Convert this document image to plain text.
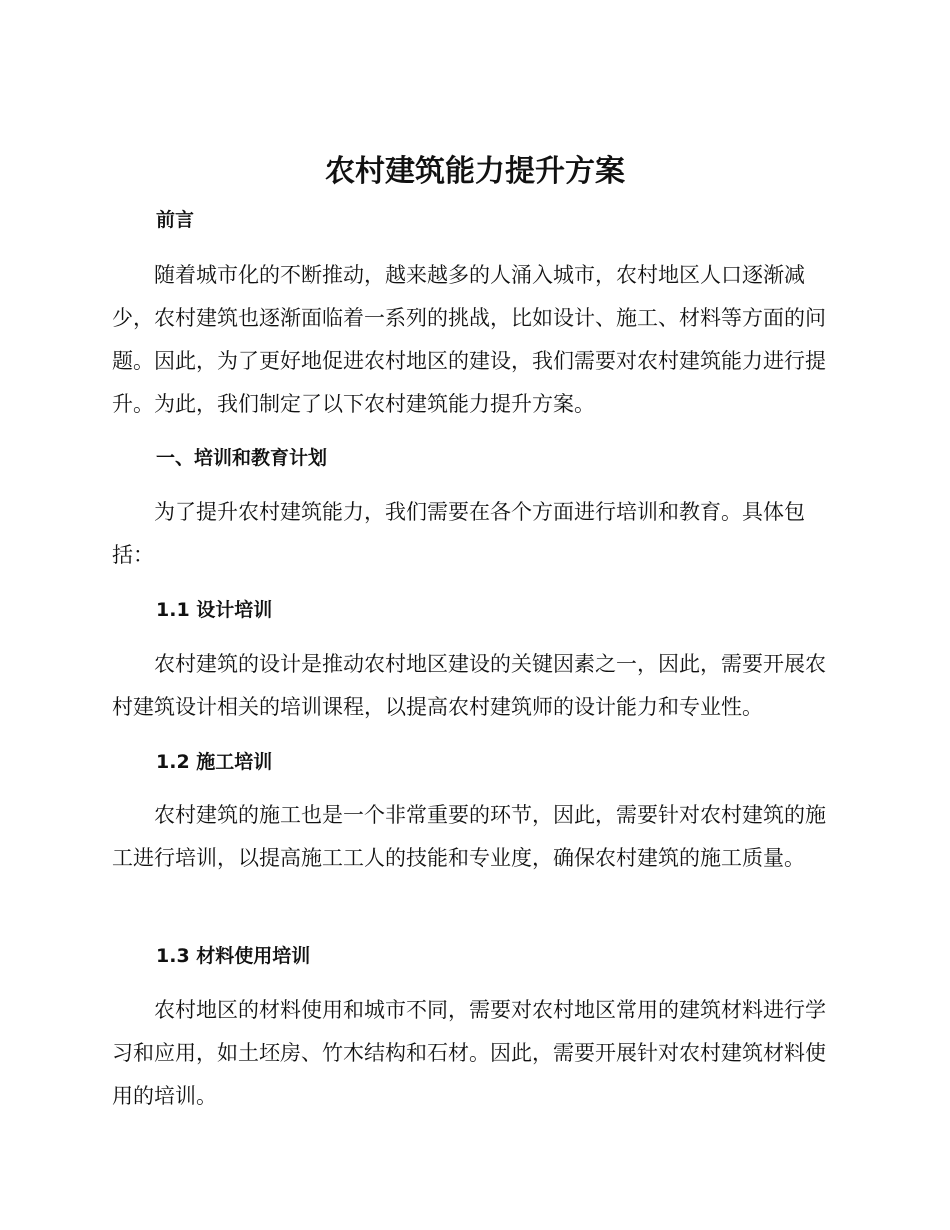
农村建筑能力提升方案
前言

随着城市化的不断推动，越来越多的人涌入城市，农村地区人口逐渐减少，农村建筑也逐渐面临着一系列的挑战，比如设计、施工、材料等方面的问题。因此，为了更好地促进农村地区的建设，我们需要对农村建筑能力进行提升。为此，我们制定了以下农村建筑能力提升方案。

一、培训和教育计划

为了提升农村建筑能力，我们需要在各个方面进行培训和教育。具体包括：

1.1 设计培训

农村建筑的设计是推动农村地区建设的关键因素之一，因此，需要开展农村建筑设计相关的培训课程，以提高农村建筑师的设计能力和专业性。

1.2 施工培训

农村建筑的施工也是一个非常重要的环节，因此，需要针对农村建筑的施工进行培训，以提高施工工人的技能和专业度，确保农村建筑的施工质量。

1.3 材料使用培训

农村地区的材料使用和城市不同，需要对农村地区常用的建筑材料进行学习和应用，如土坯房、竹木结构和石材。因此，需要开展针对农村建筑材料使用的培训。
